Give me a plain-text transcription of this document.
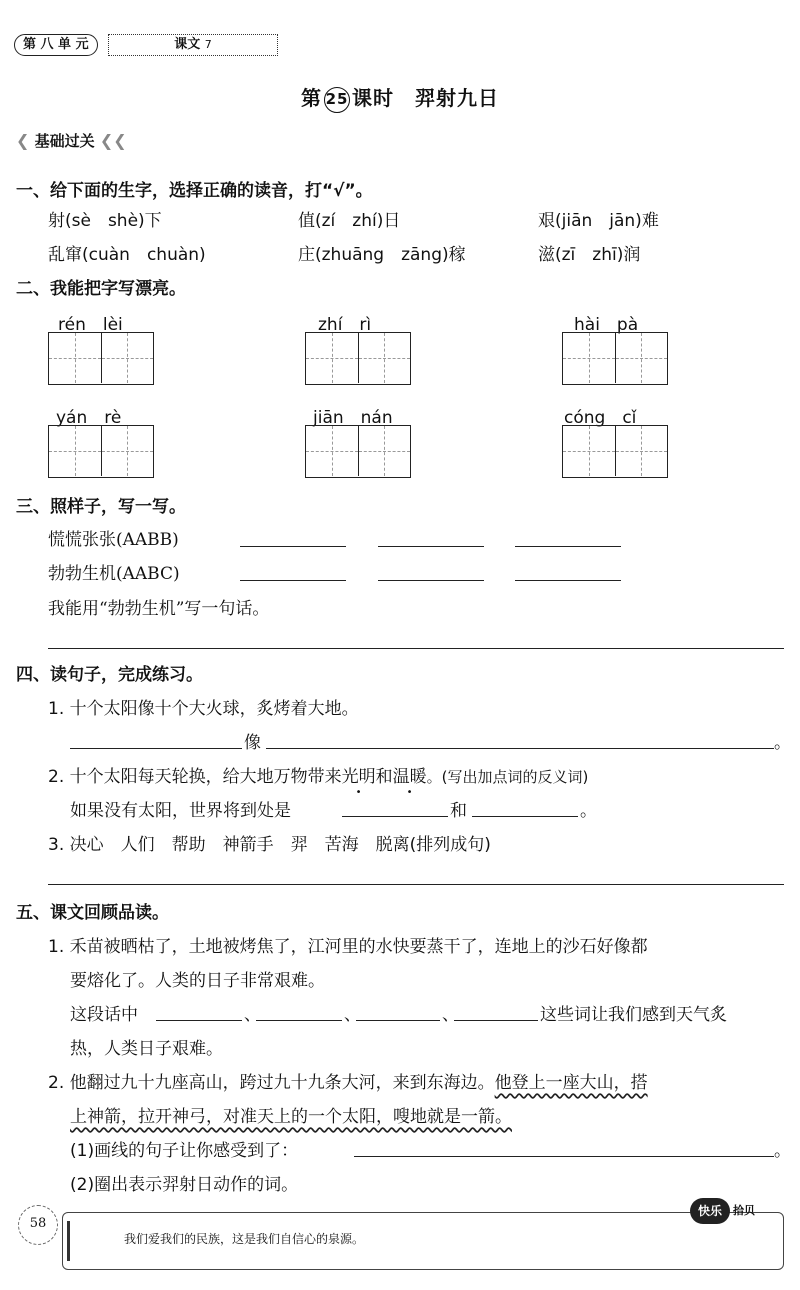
第 八 单 元	课文 7
第 25 课时　羿射九日
❮ 基础过关 ❮❮
一、给下面的生字，选择正确的读音，打“√”。
射(sè　shè)下	值(zí　zhí)日	艰(jiān　jān)难
乱窜(cuàn　chuàn)	庄(zhuāng　zāng)稼	滋(zī　zhī)润
二、我能把字写漂亮。
rén　lèi	zhí　rì	hài　pà
yán　rè	jiān　nán	cóng　cǐ
三、照样子，写一写。
慌慌张张(AABB)
勃勃生机(AABC)
我能用“勃勃生机”写一句话。
四、读句子，完成练习。
1. 十个太阳像十个大火球，炙烤着大地。
像	。
2. 十个太阳每天轮换，给大地万物带来光明和温暖。(写出加点词的反义词)
如果没有太阳，世界将到处是	和	。
3. 决心　人们　帮助　神箭手　羿　苦海　脱离(排列成句)
五、课文回顾品读。
1. 禾苗被晒枯了，土地被烤焦了，江河里的水快要蒸干了，连地上的沙石好像都
要熔化了。人类的日子非常艰难。
这段话中	、	、	、	这些词让我们感到天气炙
热，人类日子艰难。
2. 他翻过九十九座高山，跨过九十九条大河，来到东海边。他登上一座大山，搭
上神箭，拉开神弓，对准天上的一个太阳，嗖地就是一箭。
(1)画线的句子让你感受到了：	。
(2)圈出表示羿射日动作的词。
58
我们爱我们的民族，这是我们自信心的泉源。
快乐	拾贝
